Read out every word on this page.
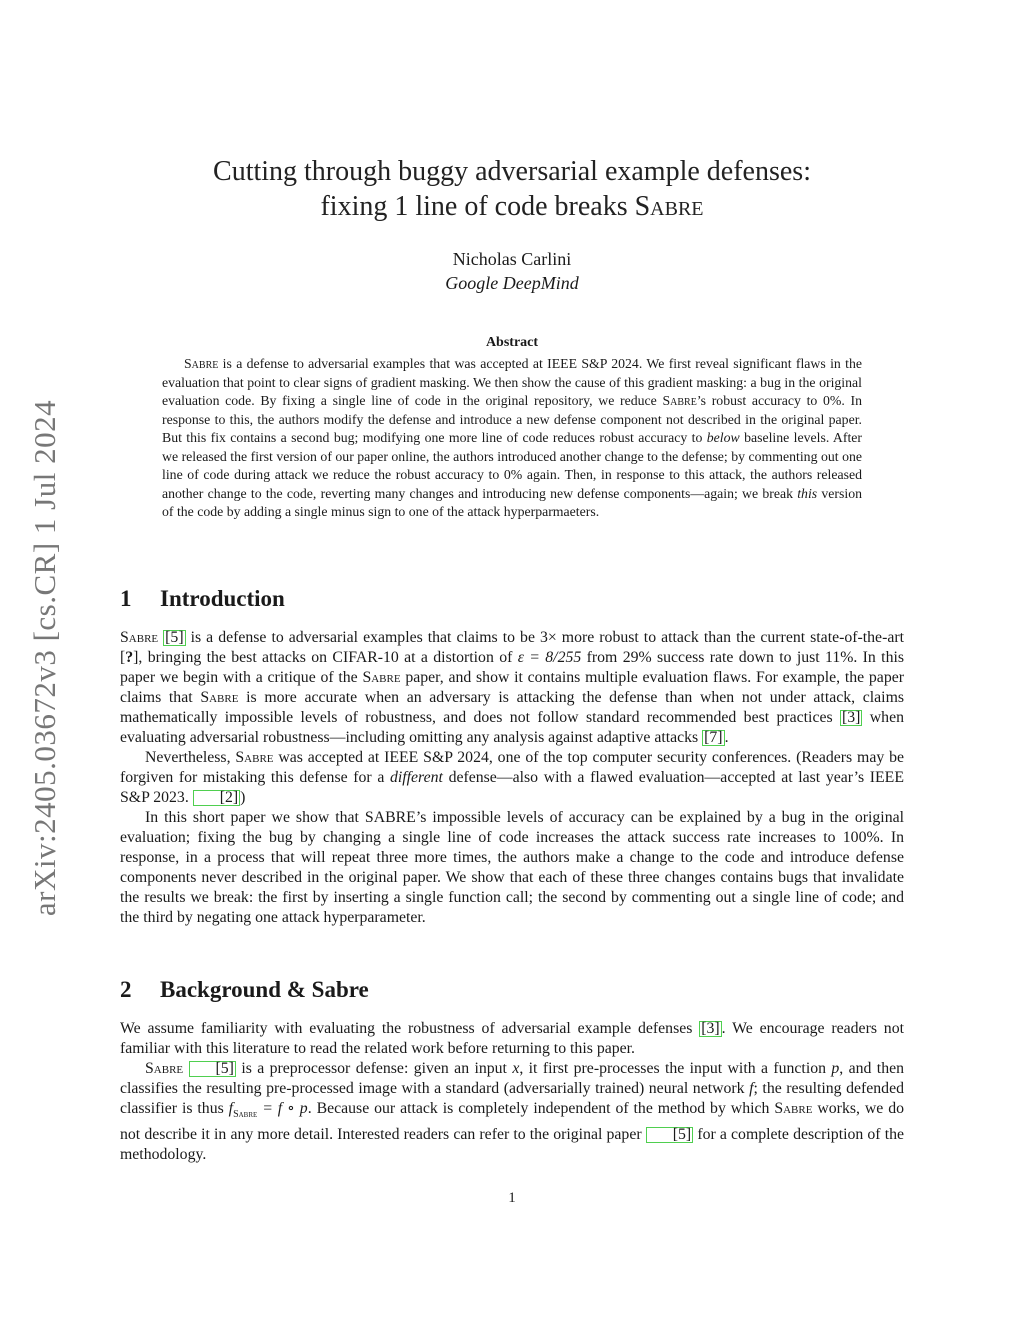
arXiv:2405.03672v3 [cs.CR] 1 Jul 2024
Cutting through buggy adversarial example defenses:
fixing 1 line of code breaks Sabre
Nicholas Carlini
Google DeepMind
Abstract

Sabre is a defense to adversarial examples that was accepted at IEEE S&P 2024. We first reveal significant flaws in the evaluation that point to clear signs of gradient masking. We then show the cause of this gradient masking: a bug in the original evaluation code. By fixing a single line of code in the original repository, we reduce Sabre’s robust accuracy to 0%. In response to this, the authors modify the defense and introduce a new defense component not described in the original paper. But this fix contains a second bug; modifying one more line of code reduces robust accuracy to below baseline levels. After we released the first version of our paper online, the authors introduced another change to the defense; by commenting out one line of code during attack we reduce the robust accuracy to 0% again. Then, in response to this attack, the authors released another change to the code, reverting many changes and introducing new defense components—again; we break this version of the code by adding a single minus sign to one of the attack hyperparmaeters.

1 Introduction

Sabre [5] is a defense to adversarial examples that claims to be 3× more robust to attack than the current state-of-the-art [?], bringing the best attacks on CIFAR-10 at a distortion of ε = 8/255 from 29% success rate down to just 11%. In this paper we begin with a critique of the Sabre paper, and show it contains multiple evaluation flaws. For example, the paper claims that Sabre is more accurate when an adversary is attacking the defense than when not under attack, claims mathematically impossible levels of robustness, and does not follow standard recommended best practices [3] when evaluating adversarial robustness—including omitting any analysis against adaptive attacks [7] .

Nevertheless, Sabre was accepted at IEEE S&P 2024, one of the top computer security conferences. (Readers may be forgiven for mistaking this defense for a different defense—also with a flawed evaluation—accepted at last year’s IEEE S&P 2023. [2] )

In this short paper we show that SABRE’s impossible levels of accuracy can be explained by a bug in the original evaluation; fixing the bug by changing a single line of code increases the attack success rate increases to 100%. In response, in a process that will repeat three more times, the authors make a change to the code and introduce defense components never described in the original paper. We show that each of these three changes contains bugs that invalidate the results we break: the first by inserting a single function call; the second by commenting out a single line of code; and the third by negating one attack hyperparameter.

2 Background & Sabre

We assume familiarity with evaluating the robustness of adversarial example defenses [3] . We encourage readers not familiar with this literature to read the related work before returning to this paper.

Sabre [5] is a preprocessor defense: given an input x, it first pre-processes the input with a function p, and then classifies the resulting pre-processed image with a standard (adversarially trained) neural network f; the resulting defended classifier is thus $f_{Sabre} = f$ ∘ p. Because our attack is completely independent of the method by which Sabre works, we do not describe it in any more detail. Interested readers can refer to the original paper [5] for a complete description of the methodology.

1
